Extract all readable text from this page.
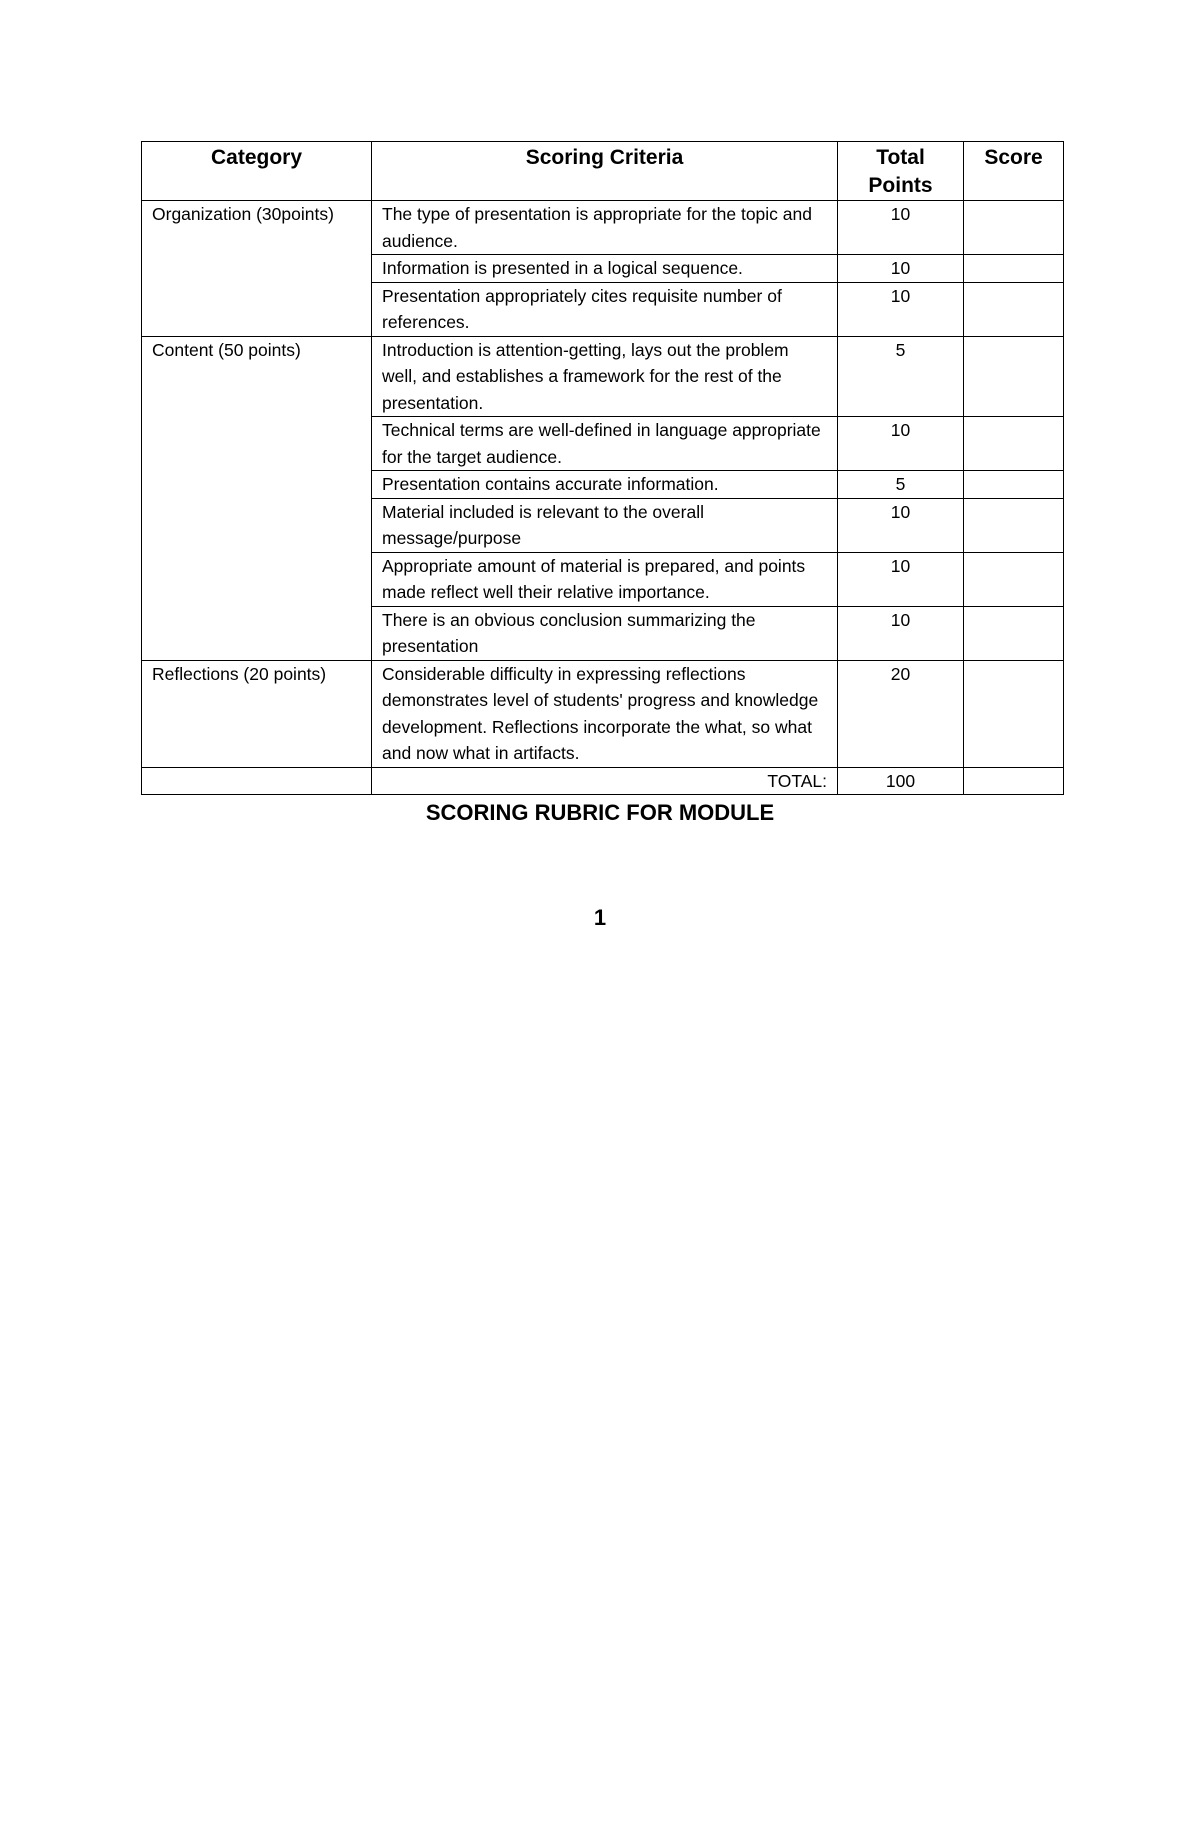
Category	Scoring Criteria	Total Points	Score
Organization (30points)	The type of presentation is appropriate for the topic and audience.	10	
	Information is presented in a logical sequence.	10	
	Presentation appropriately cites requisite number of references.	10	
Content (50 points)	Introduction is attention-getting, lays out the problem well, and establishes a framework for the rest of the presentation.	5	
	Technical terms are well-defined in language appropriate for the target audience.	10	
	Presentation contains accurate information.	5	
	Material included is relevant to the overall message/purpose	10	
	Appropriate amount of material is prepared, and points made reflect well their relative importance.	10	
	There is an obvious conclusion summarizing the presentation	10	
Reflections (20 points)	Considerable difficulty in expressing reflections demonstrates level of students' progress and knowledge development. Reflections incorporate the what, so what and now what in artifacts.	20	
	TOTAL:	100	
SCORING RUBRIC FOR MODULE
1
